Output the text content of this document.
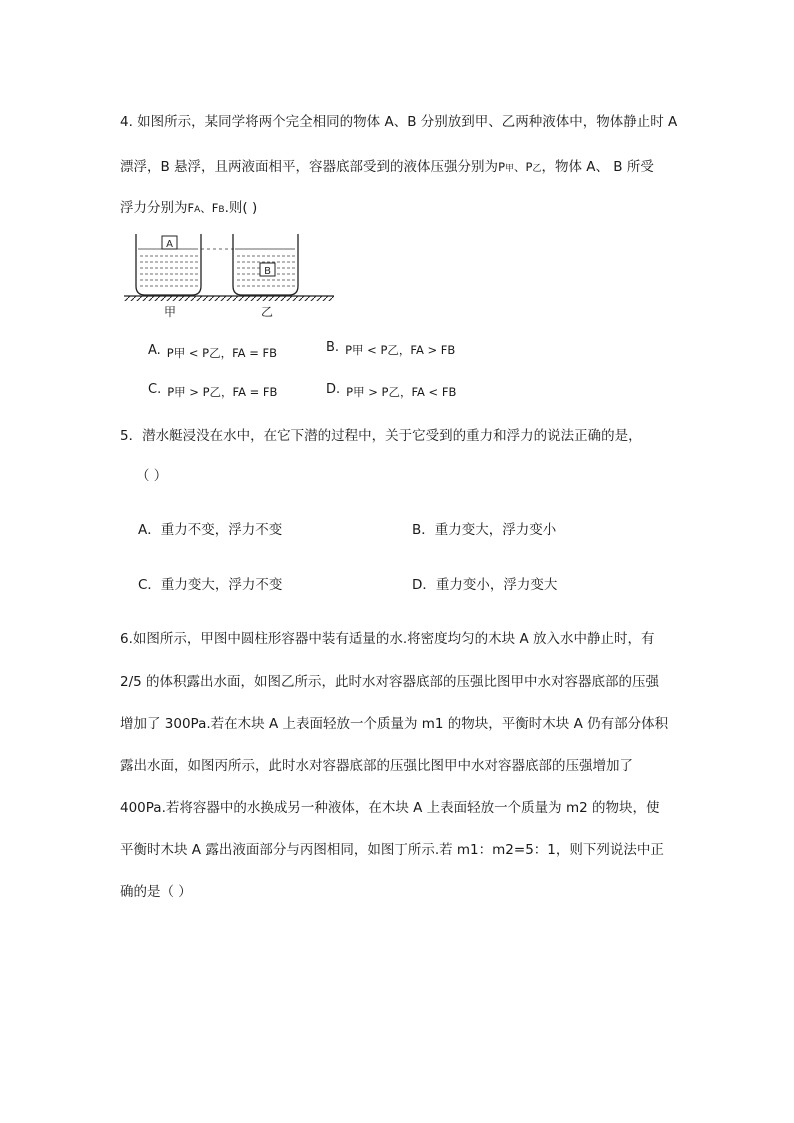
4. 如图所示，某同学将两个完全相同的物体 A、B 分别放到甲、乙两种液体中，物体静止时 A
漂浮，B 悬浮，且两液面相平，容器底部受到的液体压强分别为P甲、P乙，物体 A、 B 所受
浮力分别为FA、FB.则( )
A
B
甲	乙
A. P甲 < P乙，FA = FB	B. P甲 < P乙，FA > FB
C. P甲 > P乙，FA = FB	D. P甲 > P乙，FA < FB
5．潜水艇浸没在水中，在它下潜的过程中，关于它受到的重力和浮力的说法正确的是，
（ ）
A．重力不变，浮力不变	B．重力变大，浮力变小
C．重力变大，浮力不变	D．重力变小，浮力变大
6.如图所示，甲图中圆柱形容器中装有适量的水.将密度均匀的木块 A 放入水中静止时，有
2/5 的体积露出水面，如图乙所示，此时水对容器底部的压强比图甲中水对容器底部的压强
增加了 300Pa.若在木块 A 上表面轻放一个质量为 m1 的物块，平衡时木块 A 仍有部分体积
露出水面，如图丙所示，此时水对容器底部的压强比图甲中水对容器底部的压强增加了
400Pa.若将容器中的水换成另一种液体，在木块 A 上表面轻放一个质量为 m2 的物块，使
平衡时木块 A 露出液面部分与丙图相同，如图丁所示.若 m1：m2=5：1，则下列说法中正
确的是（ ）
